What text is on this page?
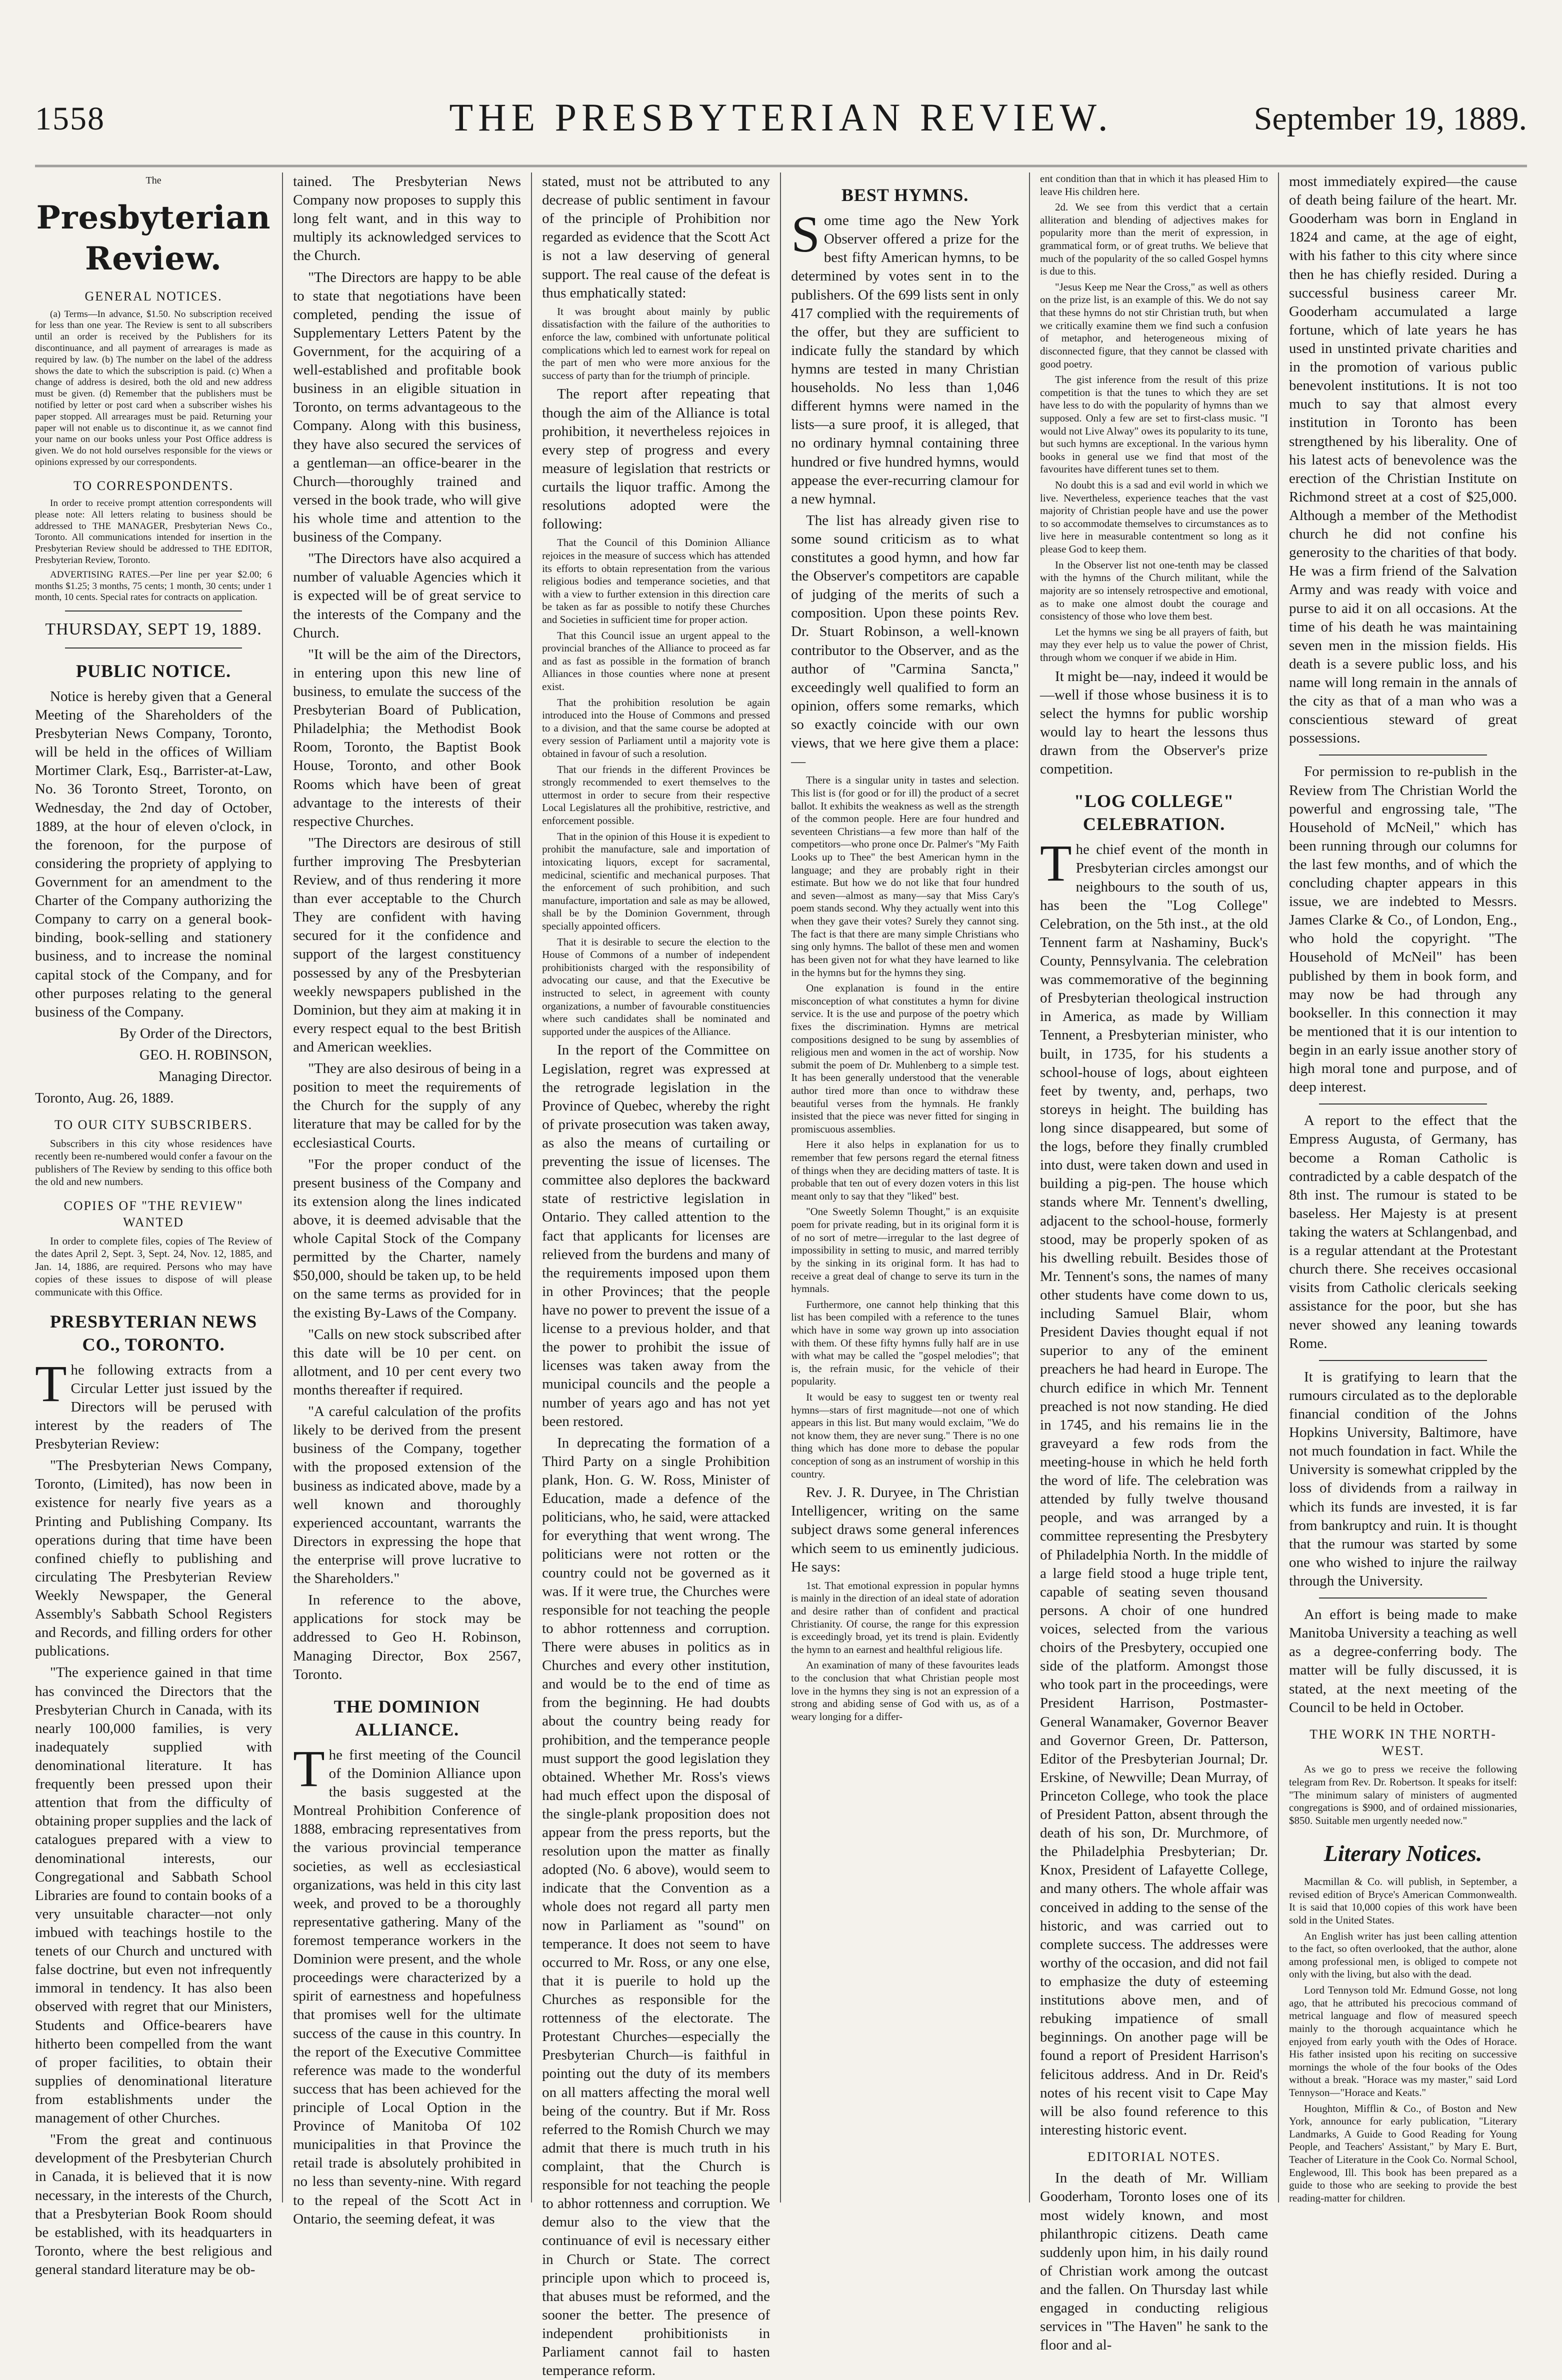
1558	THE PRESBYTERIAN REVIEW.	September 19, 1889.
The
Presbyterian Review.
GENERAL NOTICES.

(a) Terms—In advance, $1.50. No subscription received for less than one year. The Review is sent to all subscribers until an order is received by the Publishers for its discontinuance, and all payment of arrearages is made as required by law. (b) The number on the label of the address shows the date to which the subscription is paid. (c) When a change of address is desired, both the old and new address must be given. (d) Remember that the publishers must be notified by letter or post card when a subscriber wishes his paper stopped. All arrearages must be paid. Returning your paper will not enable us to discontinue it, as we cannot find your name on our books unless your Post Office address is given. We do not hold ourselves responsible for the views or opinions expressed by our correspondents.

TO CORRESPONDENTS.

In order to receive prompt attention correspondents will please note: All letters relating to business should be addressed to THE MANAGER, Presbyterian News Co., Toronto. All communications intended for insertion in the Presbyterian Review should be addressed to THE EDITOR, Presbyterian Review, Toronto.

ADVERTISING RATES.—Per line per year $2.00; 6 months $1.25; 3 months, 75 cents; 1 month, 30 cents; under 1 month, 10 cents. Special rates for contracts on application.

THURSDAY, SEPT 19, 1889.
PUBLIC NOTICE.

Notice is hereby given that a General Meeting of the Shareholders of the Presbyterian News Company, Toronto, will be held in the offices of William Mortimer Clark, Esq., Barrister-at-Law, No. 36 Toronto Street, Toronto, on Wednesday, the 2nd day of October, 1889, at the hour of eleven o'clock, in the forenoon, for the purpose of considering the propriety of applying to Government for an amendment to the Charter of the Company authorizing the Company to carry on a general book-binding, book-selling and stationery business, and to increase the nominal capital stock of the Company, and for other purposes relating to the general business of the Company.

By Order of the Directors,

GEO. H. ROBINSON,

Managing Director.

Toronto, Aug. 26, 1889.

TO OUR CITY SUBSCRIBERS.

Subscribers in this city whose residences have recently been re-numbered would confer a favour on the publishers of The Review by sending to this office both the old and new numbers.

COPIES OF "THE REVIEW" WANTED

In order to complete files, copies of The Review of the dates April 2, Sept. 3, Sept. 24, Nov. 12, 1885, and Jan. 14, 1886, are required. Persons who may have copies of these issues to dispose of will please communicate with this Office.

PRESBYTERIAN NEWS CO., TORONTO.

The following extracts from a Circular Letter just issued by the Directors will be perused with interest by the readers of The Presbyterian Review:

"The Presbyterian News Company, Toronto, (Limited), has now been in existence for nearly five years as a Printing and Publishing Company. Its operations during that time have been confined chiefly to publishing and circulating The Presbyterian Review Weekly Newspaper, the General Assembly's Sabbath School Registers and Records, and filling orders for other publications.

"The experience gained in that time has convinced the Directors that the Presbyterian Church in Canada, with its nearly 100,000 families, is very inadequately supplied with denominational literature. It has frequently been pressed upon their attention that from the difficulty of obtaining proper supplies and the lack of catalogues prepared with a view to denominational interests, our Congregational and Sabbath School Libraries are found to contain books of a very unsuitable character—not only imbued with teachings hostile to the tenets of our Church and unctured with false doctrine, but even not infrequently immoral in tendency. It has also been observed with regret that our Ministers, Students and Office-bearers have hitherto been compelled from the want of proper facilities, to obtain their supplies of denominational literature from establishments under the management of other Churches.

"From the great and continuous development of the Presbyterian Church in Canada, it is believed that it is now necessary, in the interests of the Church, that a Presbyterian Book Room should be established, with its headquarters in Toronto, where the best religious and general standard literature may be ob-

tained. The Presbyterian News Company now proposes to supply this long felt want, and in this way to multiply its acknowledged services to the Church.

"The Directors are happy to be able to state that negotiations have been completed, pending the issue of Supplementary Letters Patent by the Government, for the acquiring of a well-established and profitable book business in an eligible situation in Toronto, on terms advantageous to the Company. Along with this business, they have also secured the services of a gentleman—an office-bearer in the Church—thoroughly trained and versed in the book trade, who will give his whole time and attention to the business of the Company.

"The Directors have also acquired a number of valuable Agencies which it is expected will be of great service to the interests of the Company and the Church.

"It will be the aim of the Directors, in entering upon this new line of business, to emulate the success of the Presbyterian Board of Publication, Philadelphia; the Methodist Book Room, Toronto, the Baptist Book House, Toronto, and other Book Rooms which have been of great advantage to the interests of their respective Churches.

"The Directors are desirous of still further improving The Presbyterian Review, and of thus rendering it more than ever acceptable to the Church They are confident with having secured for it the confidence and support of the largest constituency possessed by any of the Presbyterian weekly newspapers published in the Dominion, but they aim at making it in every respect equal to the best British and American weeklies.

"They are also desirous of being in a position to meet the requirements of the Church for the supply of any literature that may be called for by the ecclesiastical Courts.

"For the proper conduct of the present business of the Company and its extension along the lines indicated above, it is deemed advisable that the whole Capital Stock of the Company permitted by the Charter, namely $50,000, should be taken up, to be held on the same terms as provided for in the existing By-Laws of the Company.

"Calls on new stock subscribed after this date will be 10 per cent. on allotment, and 10 per cent every two months thereafter if required.

"A careful calculation of the profits likely to be derived from the present business of the Company, together with the proposed extension of the business as indicated above, made by a well known and thoroughly experienced accountant, warrants the Directors in expressing the hope that the enterprise will prove lucrative to the Shareholders."

In reference to the above, applications for stock may be addressed to Geo H. Robinson, Managing Director, Box 2567, Toronto.

THE DOMINION ALLIANCE.

The first meeting of the Council of the Dominion Alliance upon the basis suggested at the Montreal Prohibition Conference of 1888, embracing representatives from the various provincial temperance societies, as well as ecclesiastical organizations, was held in this city last week, and proved to be a thoroughly representative gathering. Many of the foremost temperance workers in the Dominion were present, and the whole proceedings were characterized by a spirit of earnestness and hopefulness that promises well for the ultimate success of the cause in this country. In the report of the Executive Committee reference was made to the wonderful success that has been achieved for the principle of Local Option in the Province of Manitoba Of 102 municipalities in that Province the retail trade is absolutely prohibited in no less than seventy-nine. With regard to the repeal of the Scott Act in Ontario, the seeming defeat, it was

stated, must not be attributed to any decrease of public sentiment in favour of the principle of Prohibition nor regarded as evidence that the Scott Act is not a law deserving of general support. The real cause of the defeat is thus emphatically stated:

It was brought about mainly by public dissatisfaction with the failure of the authorities to enforce the law, combined with unfortunate political complications which led to earnest work for repeal on the part of men who were more anxious for the success of party than for the triumph of principle.

The report after repeating that though the aim of the Alliance is total prohibition, it nevertheless rejoices in every step of progress and every measure of legislation that restricts or curtails the liquor traffic. Among the resolutions adopted were the following:

That the Council of this Dominion Alliance rejoices in the measure of success which has attended its efforts to obtain representation from the various religious bodies and temperance societies, and that with a view to further extension in this direction care be taken as far as possible to notify these Churches and Societies in sufficient time for proper action.

That this Council issue an urgent appeal to the provincial branches of the Alliance to proceed as far and as fast as possible in the formation of branch Alliances in those counties where none at present exist.

That the prohibition resolution be again introduced into the House of Commons and pressed to a division, and that the same course be adopted at every session of Parliament until a majority vote is obtained in favour of such a resolution.

That our friends in the different Provinces be strongly recommended to exert themselves to the uttermost in order to secure from their respective Local Legislatures all the prohibitive, restrictive, and enforcement possible.

That in the opinion of this House it is expedient to prohibit the manufacture, sale and importation of intoxicating liquors, except for sacramental, medicinal, scientific and mechanical purposes. That the enforcement of such prohibition, and such manufacture, importation and sale as may be allowed, shall be by the Dominion Government, through specially appointed officers.

That it is desirable to secure the election to the House of Commons of a number of independent prohibitionists charged with the responsibility of advocating our cause, and that the Executive be instructed to select, in agreement with county organizations, a number of favourable constituencies where such candidates shall be nominated and supported under the auspices of the Alliance.

In the report of the Committee on Legislation, regret was expressed at the retrograde legislation in the Province of Quebec, whereby the right of private prosecution was taken away, as also the means of curtailing or preventing the issue of licenses. The committee also deplores the backward state of restrictive legislation in Ontario. They called attention to the fact that applicants for licenses are relieved from the burdens and many of the requirements imposed upon them in other Provinces; that the people have no power to prevent the issue of a license to a previous holder, and that the power to prohibit the issue of licenses was taken away from the municipal councils and the people a number of years ago and has not yet been restored.

In deprecating the formation of a Third Party on a single Prohibition plank, Hon. G. W. Ross, Minister of Education, made a defence of the politicians, who, he said, were attacked for everything that went wrong. The politicians were not rotten or the country could not be governed as it was. If it were true, the Churches were responsible for not teaching the people to abhor rottenness and corruption. There were abuses in politics as in Churches and every other institution, and would be to the end of time as from the beginning. He had doubts about the country being ready for prohibition, and the temperance people must support the good legislation they obtained. Whether Mr. Ross's views had much effect upon the disposal of the single-plank proposition does not appear from the press reports, but the resolution upon the matter as finally adopted (No. 6 above), would seem to indicate that the Convention as a whole does not regard all party men now in Parliament as "sound" on temperance. It does not seem to have occurred to Mr. Ross, or any one else, that it is puerile to hold up the Churches as responsible for the rottenness of the electorate. The Protestant Churches—especially the Presbyterian Church—is faithful in pointing out the duty of its members on all matters affecting the moral well being of the country. But if Mr. Ross referred to the Romish Church we may admit that there is much truth in his complaint, that the Church is responsible for not teaching the people to abhor rottenness and corruption. We demur also to the view that the continuance of evil is necessary either in Church or State. The correct principle upon which to proceed is, that abuses must be reformed, and the sooner the better. The presence of independent prohibitionists in Parliament cannot fail to hasten temperance reform.

BEST HYMNS.

Some time ago the New York Observer offered a prize for the best fifty American hymns, to be determined by votes sent in to the publishers. Of the 699 lists sent in only 417 complied with the requirements of the offer, but they are sufficient to indicate fully the standard by which hymns are tested in many Christian households. No less than 1,046 different hymns were named in the lists—a sure proof, it is alleged, that no ordinary hymnal containing three hundred or five hundred hymns, would appease the ever-recurring clamour for a new hymnal.

The list has already given rise to some sound criticism as to what constitutes a good hymn, and how far the Observer's competitors are capable of judging of the merits of such a composition. Upon these points Rev. Dr. Stuart Robinson, a well-known contributor to the Observer, and as the author of "Carmina Sancta," exceedingly well qualified to form an opinion, offers some remarks, which so exactly coincide with our own views, that we here give them a place:—

There is a singular unity in tastes and selection. This list is (for good or for ill) the product of a secret ballot. It exhibits the weakness as well as the strength of the common people. Here are four hundred and seventeen Christians—a few more than half of the competitors—who prone once Dr. Palmer's "My Faith Looks up to Thee" the best American hymn in the language; and they are probably right in their estimate. But how we do not like that four hundred and seven—almost as many—say that Miss Cary's poem stands second. Why they actually went into this when they gave their votes? Surely they cannot sing. The fact is that there are many simple Christians who sing only hymns. The ballot of these men and women has been given not for what they have learned to like in the hymns but for the hymns they sing.

One explanation is found in the entire misconception of what constitutes a hymn for divine service. It is the use and purpose of the poetry which fixes the discrimination. Hymns are metrical compositions designed to be sung by assemblies of religious men and women in the act of worship. Now submit the poem of Dr. Muhlenberg to a simple test. It has been generally understood that the venerable author tired more than once to withdraw these beautiful verses from the hymnals. He frankly insisted that the piece was never fitted for singing in promiscuous assemblies.

Here it also helps in explanation for us to remember that few persons regard the eternal fitness of things when they are deciding matters of taste. It is probable that ten out of every dozen voters in this list meant only to say that they "liked" best.

"One Sweetly Solemn Thought," is an exquisite poem for private reading, but in its original form it is of no sort of metre—irregular to the last degree of impossibility in setting to music, and marred terribly by the sinking in its original form. It has had to receive a great deal of change to serve its turn in the hymnals.

Furthermore, one cannot help thinking that this list has been compiled with a reference to the tunes which have in some way grown up into association with them. Of these fifty hymns fully half are in use with what may be called the "gospel melodies"; that is, the refrain music, for the vehicle of their popularity.

It would be easy to suggest ten or twenty real hymns—stars of first magnitude—not one of which appears in this list. But many would exclaim, "We do not know them, they are never sung." There is no one thing which has done more to debase the popular conception of song as an instrument of worship in this country.

Rev. J. R. Duryee, in The Christian Intelligencer, writing on the same subject draws some general inferences which seem to us eminently judicious. He says:

1st. That emotional expression in popular hymns is mainly in the direction of an ideal state of adoration and desire rather than of confident and practical Christianity. Of course, the range for this expression is exceedingly broad, yet its trend is plain. Evidently the hymn to an earnest and healthful religious life.

An examination of many of these favourites leads to the conclusion that what Christian people most love in the hymns they sing is not an expression of a strong and abiding sense of God with us, as of a weary longing for a differ-

ent condition than that in which it has pleased Him to leave His children here.

2d. We see from this verdict that a certain alliteration and blending of adjectives makes for popularity more than the merit of expression, in grammatical form, or of great truths. We believe that much of the popularity of the so called Gospel hymns is due to this.

"Jesus Keep me Near the Cross," as well as others on the prize list, is an example of this. We do not say that these hymns do not stir Christian truth, but when we critically examine them we find such a confusion of metaphor, and heterogeneous mixing of disconnected figure, that they cannot be classed with good poetry.

The gist inference from the result of this prize competition is that the tunes to which they are set have less to do with the popularity of hymns than we supposed. Only a few are set to first-class music. "I would not Live Alway" owes its popularity to its tune, but such hymns are exceptional. In the various hymn books in general use we find that most of the favourites have different tunes set to them.

No doubt this is a sad and evil world in which we live. Nevertheless, experience teaches that the vast majority of Christian people have and use the power to so accommodate themselves to circumstances as to live here in measurable contentment so long as it please God to keep them.

In the Observer list not one-tenth may be classed with the hymns of the Church militant, while the majority are so intensely retrospective and emotional, as to make one almost doubt the courage and consistency of those who love them best.

Let the hymns we sing be all prayers of faith, but may they ever help us to value the power of Christ, through whom we conquer if we abide in Him.

It might be—nay, indeed it would be —well if those whose business it is to select the hymns for public worship would lay to heart the lessons thus drawn from the Observer's prize competition.

"LOG COLLEGE" CELEBRATION.

The chief event of the month in Presbyterian circles amongst our neighbours to the south of us, has been the "Log College" Celebration, on the 5th inst., at the old Tennent farm at Nashaminy, Buck's County, Pennsylvania. The celebration was commemorative of the beginning of Presbyterian theological instruction in America, as made by William Tennent, a Presbyterian minister, who built, in 1735, for his students a school-house of logs, about eighteen feet by twenty, and, perhaps, two storeys in height. The building has long since disappeared, but some of the logs, before they finally crumbled into dust, were taken down and used in building a pig-pen. The house which stands where Mr. Tennent's dwelling, adjacent to the school-house, formerly stood, may be properly spoken of as his dwelling rebuilt. Besides those of Mr. Tennent's sons, the names of many other students have come down to us, including Samuel Blair, whom President Davies thought equal if not superior to any of the eminent preachers he had heard in Europe. The church edifice in which Mr. Tennent preached is not now standing. He died in 1745, and his remains lie in the graveyard a few rods from the meeting-house in which he held forth the word of life. The celebration was attended by fully twelve thousand people, and was arranged by a committee representing the Presbytery of Philadelphia North. In the middle of a large field stood a huge triple tent, capable of seating seven thousand persons. A choir of one hundred voices, selected from the various choirs of the Presbytery, occupied one side of the platform. Amongst those who took part in the proceedings, were President Harrison, Postmaster-General Wanamaker, Governor Beaver and Governor Green, Dr. Patterson, Editor of the Presbyterian Journal; Dr. Erskine, of Newville; Dean Murray, of Princeton College, who took the place of President Patton, absent through the death of his son, Dr. Murchmore, of the Philadelphia Presbyterian; Dr. Knox, President of Lafayette College, and many others. The whole affair was conceived in adding to the sense of the historic, and was carried out to complete success. The addresses were worthy of the occasion, and did not fail to emphasize the duty of esteeming institutions above men, and of rebuking impatience of small beginnings. On another page will be found a report of President Harrison's felicitous address. And in Dr. Reid's notes of his recent visit to Cape May will be also found reference to this interesting historic event.

EDITORIAL NOTES.

In the death of Mr. William Gooderham, Toronto loses one of its most widely known, and most philanthropic citizens. Death came suddenly upon him, in his daily round of Christian work among the outcast and the fallen. On Thursday last while engaged in conducting religious services in "The Haven" he sank to the floor and al-

most immediately expired—the cause of death being failure of the heart. Mr. Gooderham was born in England in 1824 and came, at the age of eight, with his father to this city where since then he has chiefly resided. During a successful business career Mr. Gooderham accumulated a large fortune, which of late years he has used in unstinted private charities and in the promotion of various public benevolent institutions. It is not too much to say that almost every institution in Toronto has been strengthened by his liberality. One of his latest acts of benevolence was the erection of the Christian Institute on Richmond street at a cost of $25,000. Although a member of the Methodist church he did not confine his generosity to the charities of that body. He was a firm friend of the Salvation Army and was ready with voice and purse to aid it on all occasions. At the time of his death he was maintaining seven men in the mission fields. His death is a severe public loss, and his name will long remain in the annals of the city as that of a man who was a conscientious steward of great possessions.

For permission to re-publish in the Review from The Christian World the powerful and engrossing tale, "The Household of McNeil," which has been running through our columns for the last few months, and of which the concluding chapter appears in this issue, we are indebted to Messrs. James Clarke & Co., of London, Eng., who hold the copyright. "The Household of McNeil" has been published by them in book form, and may now be had through any bookseller. In this connection it may be mentioned that it is our intention to begin in an early issue another story of high moral tone and purpose, and of deep interest.

A report to the effect that the Empress Augusta, of Germany, has become a Roman Catholic is contradicted by a cable despatch of the 8th inst. The rumour is stated to be baseless. Her Majesty is at present taking the waters at Schlangenbad, and is a regular attendant at the Protestant church there. She receives occasional visits from Catholic clericals seeking assistance for the poor, but she has never showed any leaning towards Rome.

It is gratifying to learn that the rumours circulated as to the deplorable financial condition of the Johns Hopkins University, Baltimore, have not much foundation in fact. While the University is somewhat crippled by the loss of dividends from a railway in which its funds are invested, it is far from bankruptcy and ruin. It is thought that the rumour was started by some one who wished to injure the railway through the University.

An effort is being made to make Manitoba University a teaching as well as a degree-conferring body. The matter will be fully discussed, it is stated, at the next meeting of the Council to be held in October.

THE WORK IN THE NORTH-WEST.

As we go to press we receive the following telegram from Rev. Dr. Robertson. It speaks for itself: "The minimum salary of ministers of augmented congregations is $900, and of ordained missionaries, $850. Suitable men urgently needed now."

Literary Notices.

Macmillan & Co. will publish, in September, a revised edition of Bryce's American Commonwealth. It is said that 10,000 copies of this work have been sold in the United States.

An English writer has just been calling attention to the fact, so often overlooked, that the author, alone among professional men, is obliged to compete not only with the living, but also with the dead.

Lord Tennyson told Mr. Edmund Gosse, not long ago, that he attributed his precocious command of metrical language and flow of measured speech mainly to the thorough acquaintance which he enjoyed from early youth with the Odes of Horace. His father insisted upon his reciting on successive mornings the whole of the four books of the Odes without a break. "Horace was my master," said Lord Tennyson—"Horace and Keats."

Houghton, Mifflin & Co., of Boston and New York, announce for early publication, "Literary Landmarks, A Guide to Good Reading for Young People, and Teachers' Assistant," by Mary E. Burt, Teacher of Literature in the Cook Co. Normal School, Englewood, Ill. This book has been prepared as a guide to those who are seeking to provide the best reading-matter for children.
